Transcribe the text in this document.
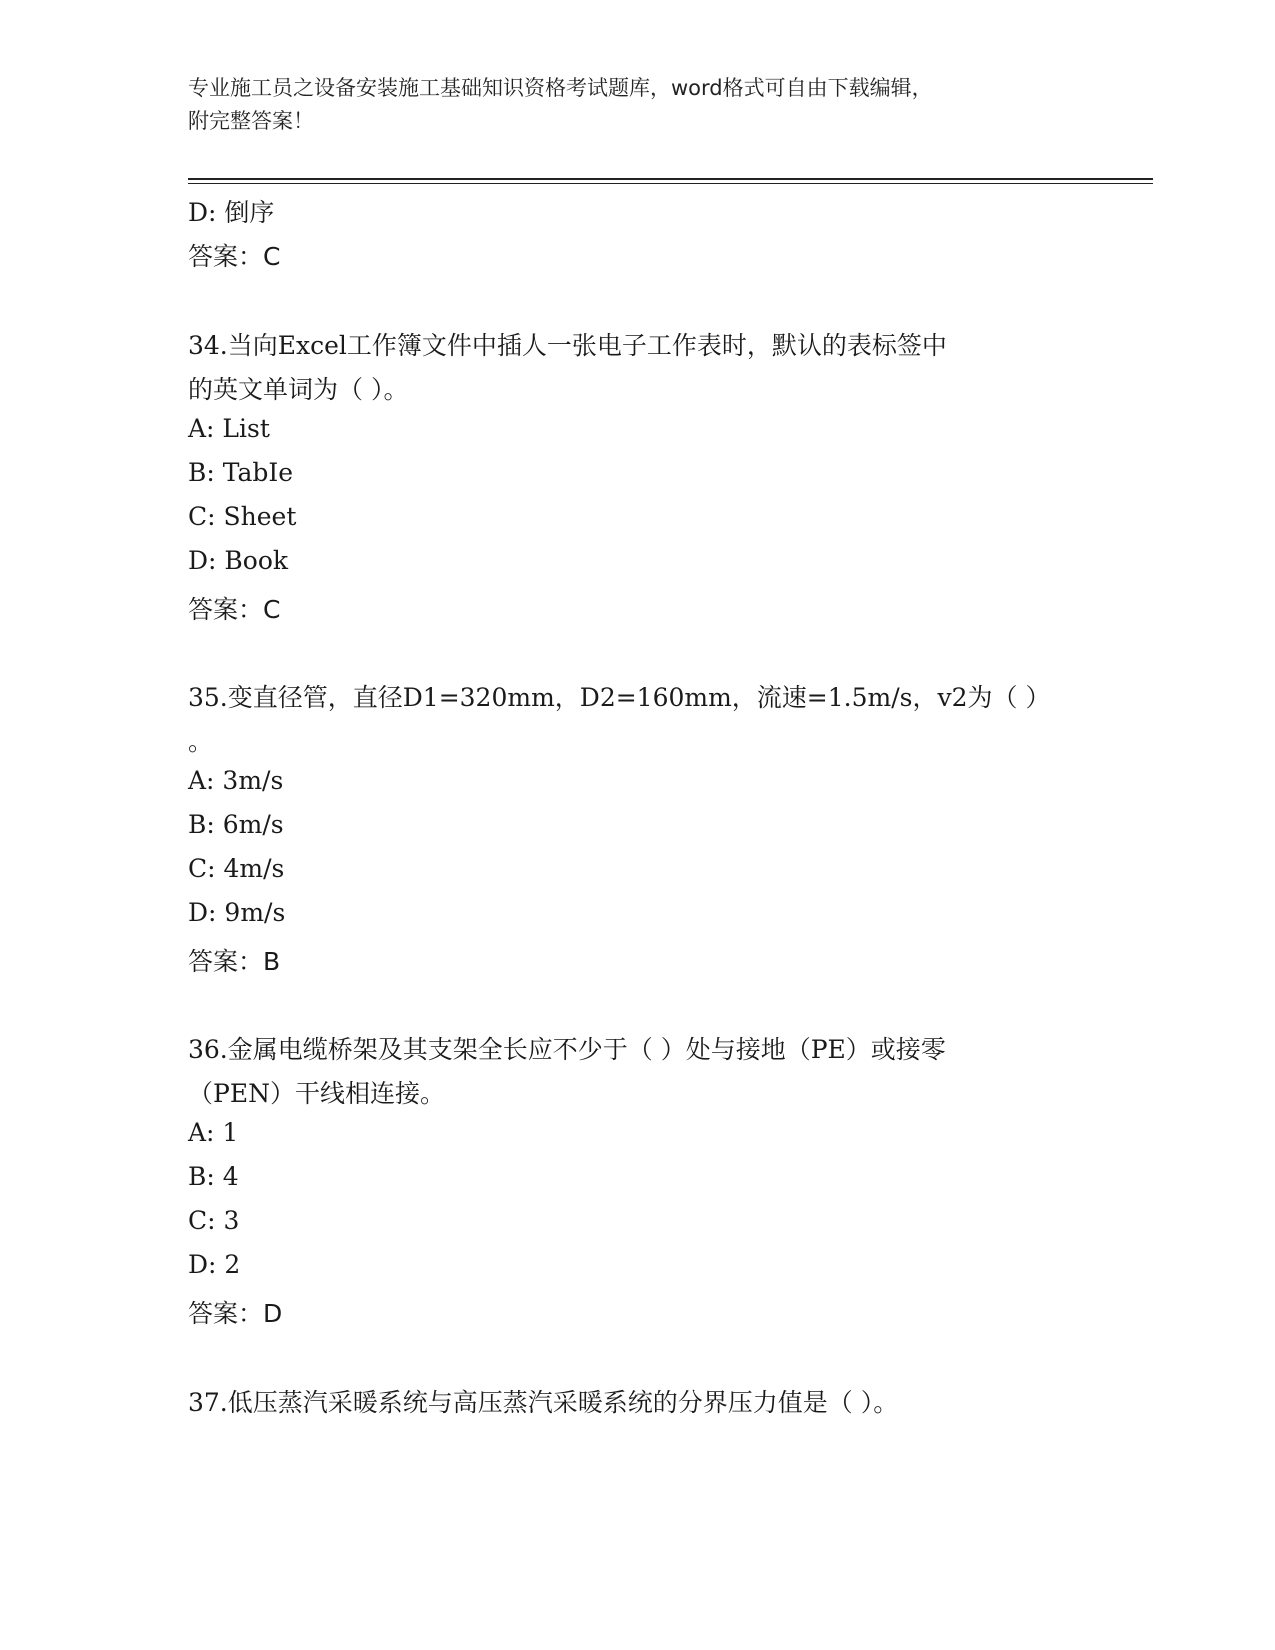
专业施工员之设备安装施工基础知识资格考试题库，word格式可自由下载编辑，
附完整答案！
D: 倒序
答案：C
34.当向Excel工作簿文件中插人一张电子工作表时，默认的表标签中
的英文单词为（ ）。
A: List
B: TabIe
C: Sheet
D: Book
答案：C
35.变直径管，直径D1=320mm，D2=160mm，流速=1.5m/s，v2为（ ）
。
A: 3m/s
B: 6m/s
C: 4m/s
D: 9m/s
答案：B
36.金属电缆桥架及其支架全长应不少于（ ）处与接地（PE）或接零
（PEN）干线相连接。
A: 1
B: 4
C: 3
D: 2
答案：D
37.低压蒸汽采暖系统与高压蒸汽采暖系统的分界压力值是（ ）。
